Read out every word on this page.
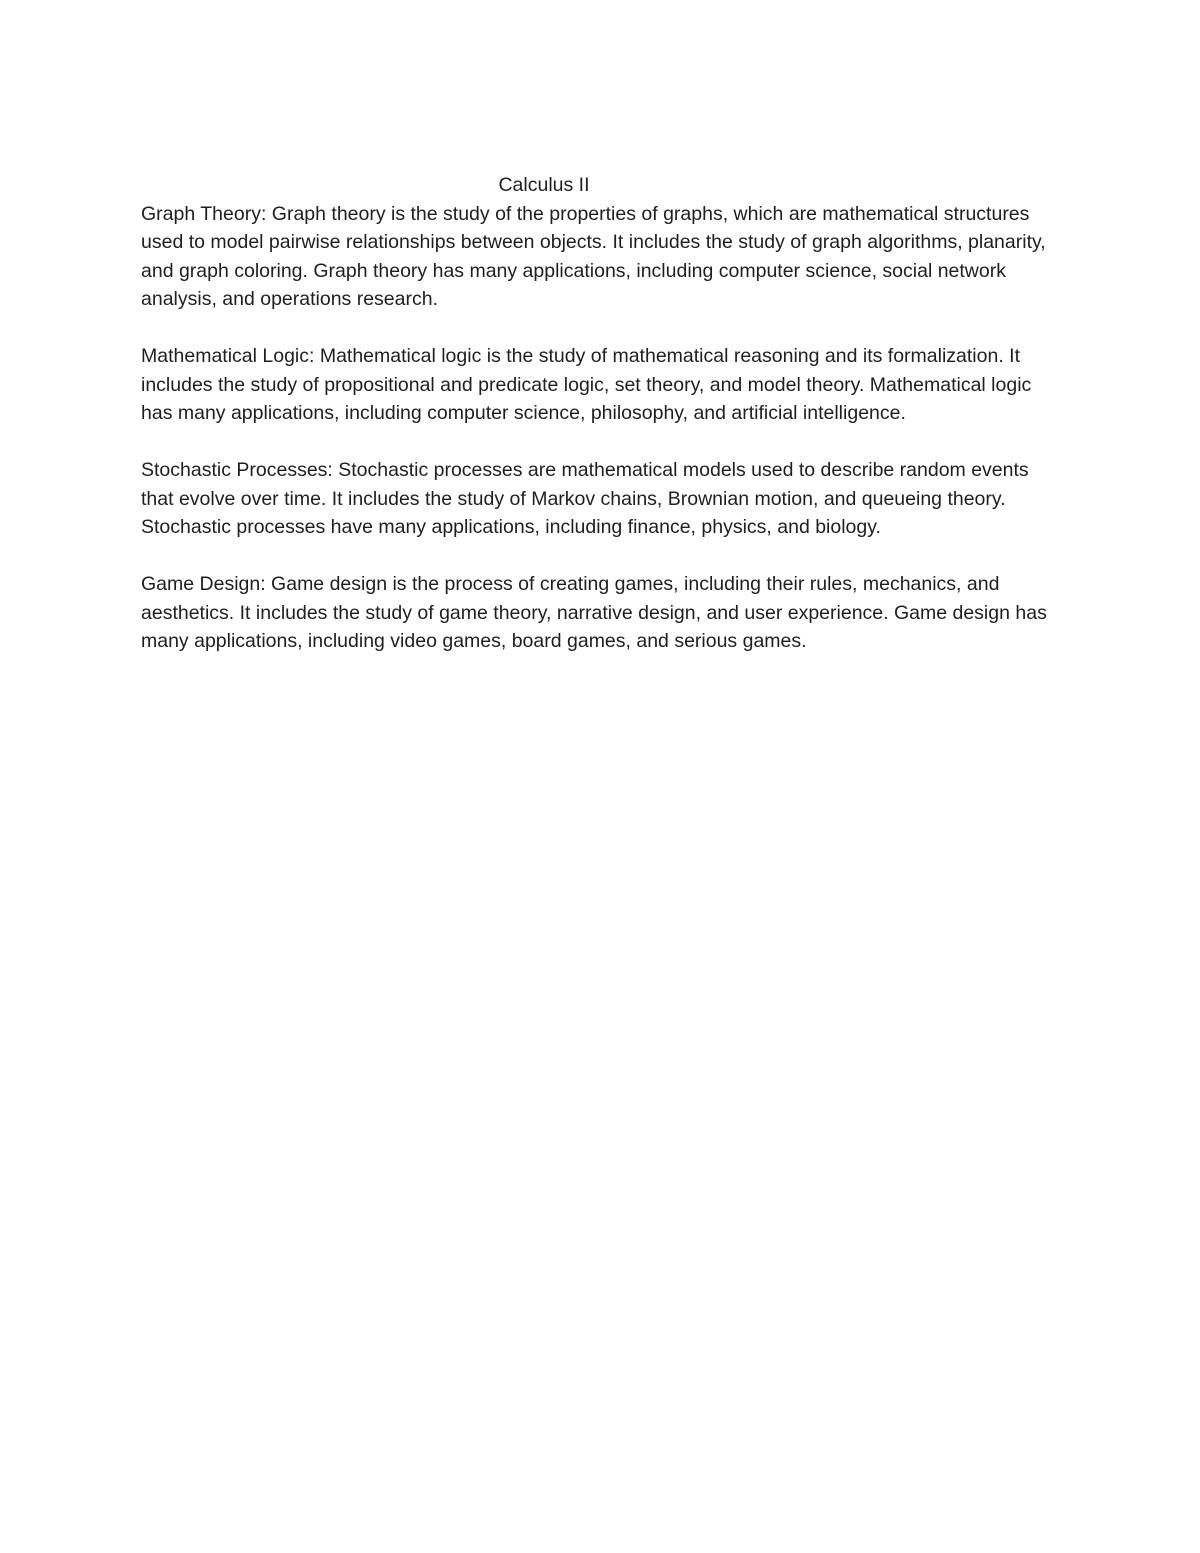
Calculus II

Graph Theory: Graph theory is the study of the properties of graphs, which are mathematical structures used to model pairwise relationships between objects. It includes the study of graph algorithms, planarity, and graph coloring. Graph theory has many applications, including computer science, social network analysis, and operations research.

Mathematical Logic: Mathematical logic is the study of mathematical reasoning and its formalization. It includes the study of propositional and predicate logic, set theory, and model theory. Mathematical logic has many applications, including computer science, philosophy, and artificial intelligence.

Stochastic Processes: Stochastic processes are mathematical models used to describe random events that evolve over time. It includes the study of Markov chains, Brownian motion, and queueing theory. Stochastic processes have many applications, including finance, physics, and biology.

Game Design: Game design is the process of creating games, including their rules, mechanics, and aesthetics. It includes the study of game theory, narrative design, and user experience. Game design has many applications, including video games, board games, and serious games.
